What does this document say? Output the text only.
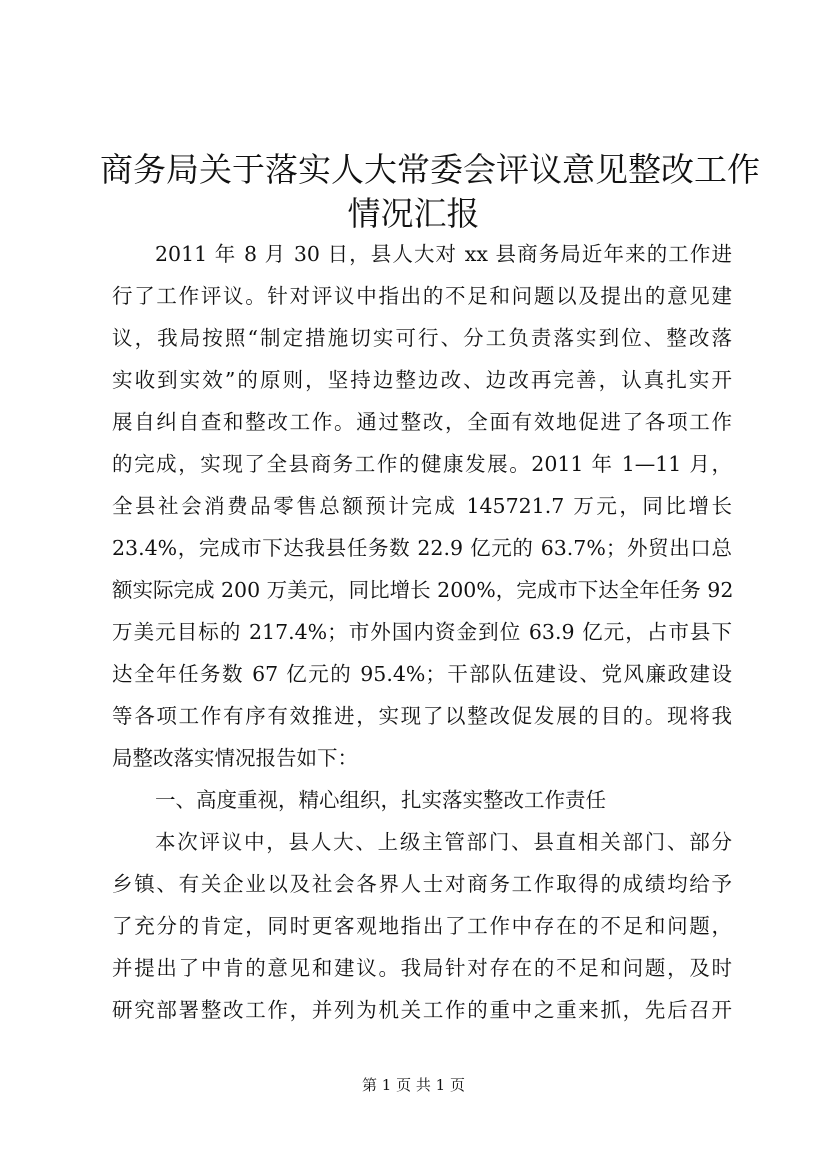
商务局关于落实人大常委会评议意见整改工作
情况汇报

2011 年 8 月 30 日，县人大对 xx 县商务局近年来的工作进

行了工作评议。针对评议中指出的不足和问题以及提出的意见建

议，我局按照“制定措施切实可行、分工负责落实到位、整改落

实收到实效”的原则，坚持边整边改、边改再完善，认真扎实开

展自纠自查和整改工作。通过整改，全面有效地促进了各项工作

的完成，实现了全县商务工作的健康发展。2011 年 1—11 月，

全县社会消费品零售总额预计完成 145721.7 万元，同比增长

23.4%，完成市下达我县任务数 22.9 亿元的 63.7%；外贸出口总

额实际完成 200 万美元，同比增长 200%，完成市下达全年任务 92

万美元目标的 217.4%；市外国内资金到位 63.9 亿元，占市县下

达全年任务数 67 亿元的 95.4%；干部队伍建设、党风廉政建设

等各项工作有序有效推进，实现了以整改促发展的目的。现将我

局整改落实情况报告如下：

一、高度重视，精心组织，扎实落实整改工作责任

本次评议中，县人大、上级主管部门、县直相关部门、部分

乡镇、有关企业以及社会各界人士对商务工作取得的成绩均给予

了充分的肯定，同时更客观地指出了工作中存在的不足和问题，

并提出了中肯的意见和建议。我局针对存在的不足和问题，及时

研究部署整改工作，并列为机关工作的重中之重来抓，先后召开

第 1 页 共 1 页
